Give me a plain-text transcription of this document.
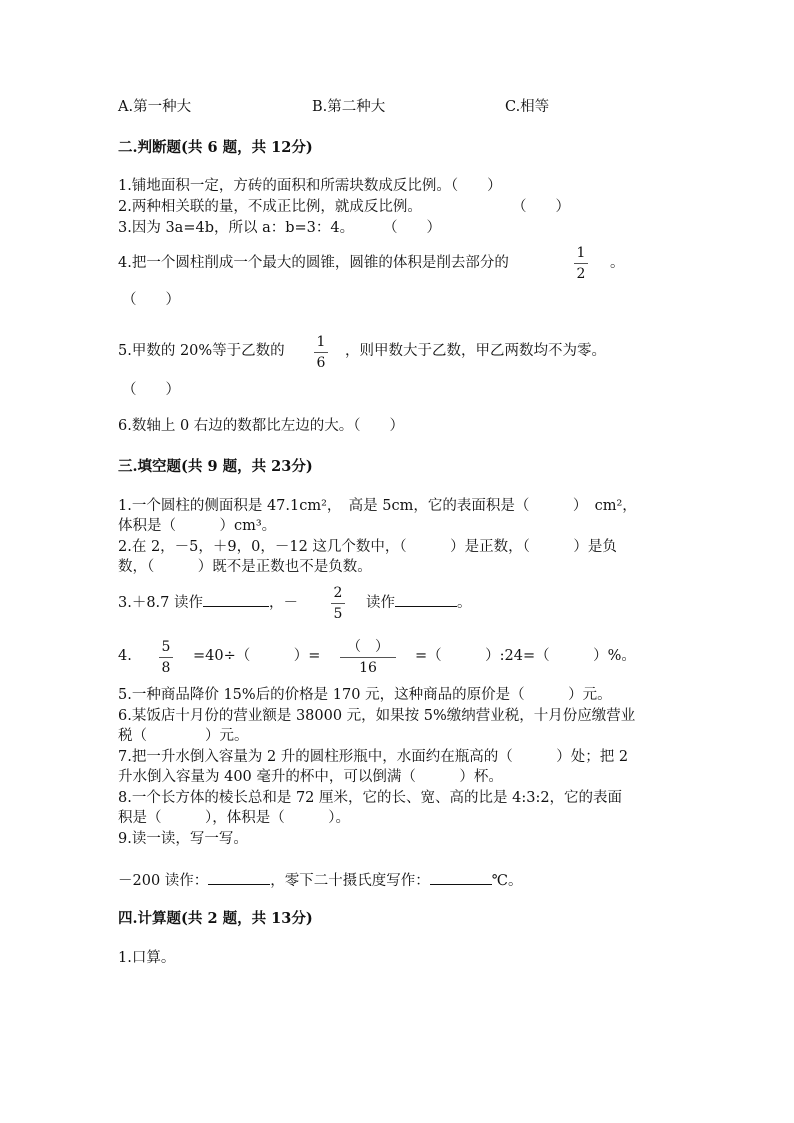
A.第一种大	B.第二种大	C.相等
二.判断题(共 6 题，共 12分)
1.铺地面积一定，方砖的面积和所需块数成反比例。（　　）
2.两种相关联的量，不成正比例，就成反比例。	（　　）
3.因为 3a=4b，所以 a：b=3：4。 （　　）
4.把一个圆柱削成一个最大的圆锥，圆锥的体积是削去部分的
1
2
。
（　　）
5.甲数的 20%等于乙数的
1
6
，则甲数大于乙数，甲乙两数均不为零。
（　　）
6.数轴上 0 右边的数都比左边的大。（　　）
三.填空题(共 9 题，共 23分)
1.一个圆柱的侧面积是 47.1cm²，　高是 5cm，它的表面积是（　　　）　cm²，
体积是（　　　）cm³。
2.在 2，－5，＋9，0，－12 这几个数中，（　　　）是正数，（　　　）是负
数，（　　　）既不是正数也不是负数。
3.＋8.7 读作	，－
2
5
读作	。
4.
5
8
=40÷（　　　）=
（　）
16
=（　　　）:24=（　　　）%。
5.一种商品降价 15%后的价格是 170 元，这种商品的原价是（　　　）元。
6.某饭店十月份的营业额是 38000 元，如果按 5%缴纳营业税，十月份应缴营业
税（　　　　）元。
7.把一升水倒入容量为 2 升的圆柱形瓶中，水面约在瓶高的（　　　）处；把 2
升水倒入容量为 400 毫升的杯中，可以倒满（　　　）杯。
8.一个长方体的棱长总和是 72 厘米，它的长、宽、高的比是 4:3:2，它的表面
积是（　　　），体积是（　　　）。
9.读一读，写一写。
－200 读作：	，零下二十摄氏度写作：	℃。
四.计算题(共 2 题，共 13分)
1.口算。
